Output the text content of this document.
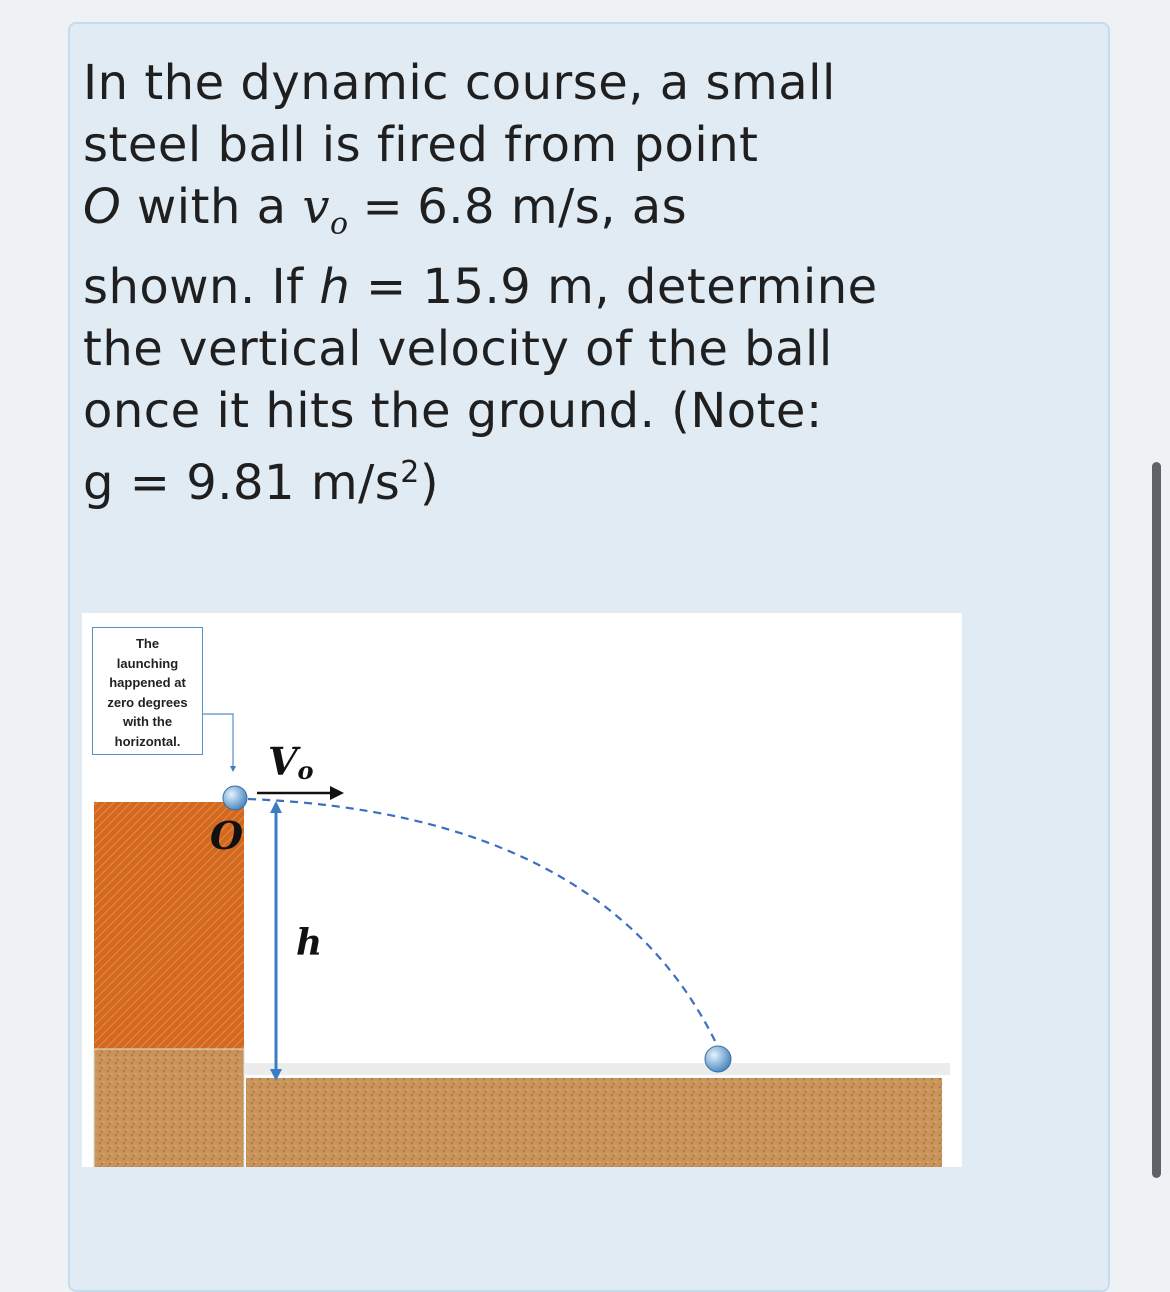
In the dynamic course, a small
steel ball is fired from point
O with a $v_o = 6.8$ m/s, as
shown. If h = 15.9 m, determine
the vertical velocity of the ball
once it hits the ground. (Note:
g = 9.81 $m/s^2$)
Vo
O
h
The
launching
happened at
zero degrees
with the
horizontal.
